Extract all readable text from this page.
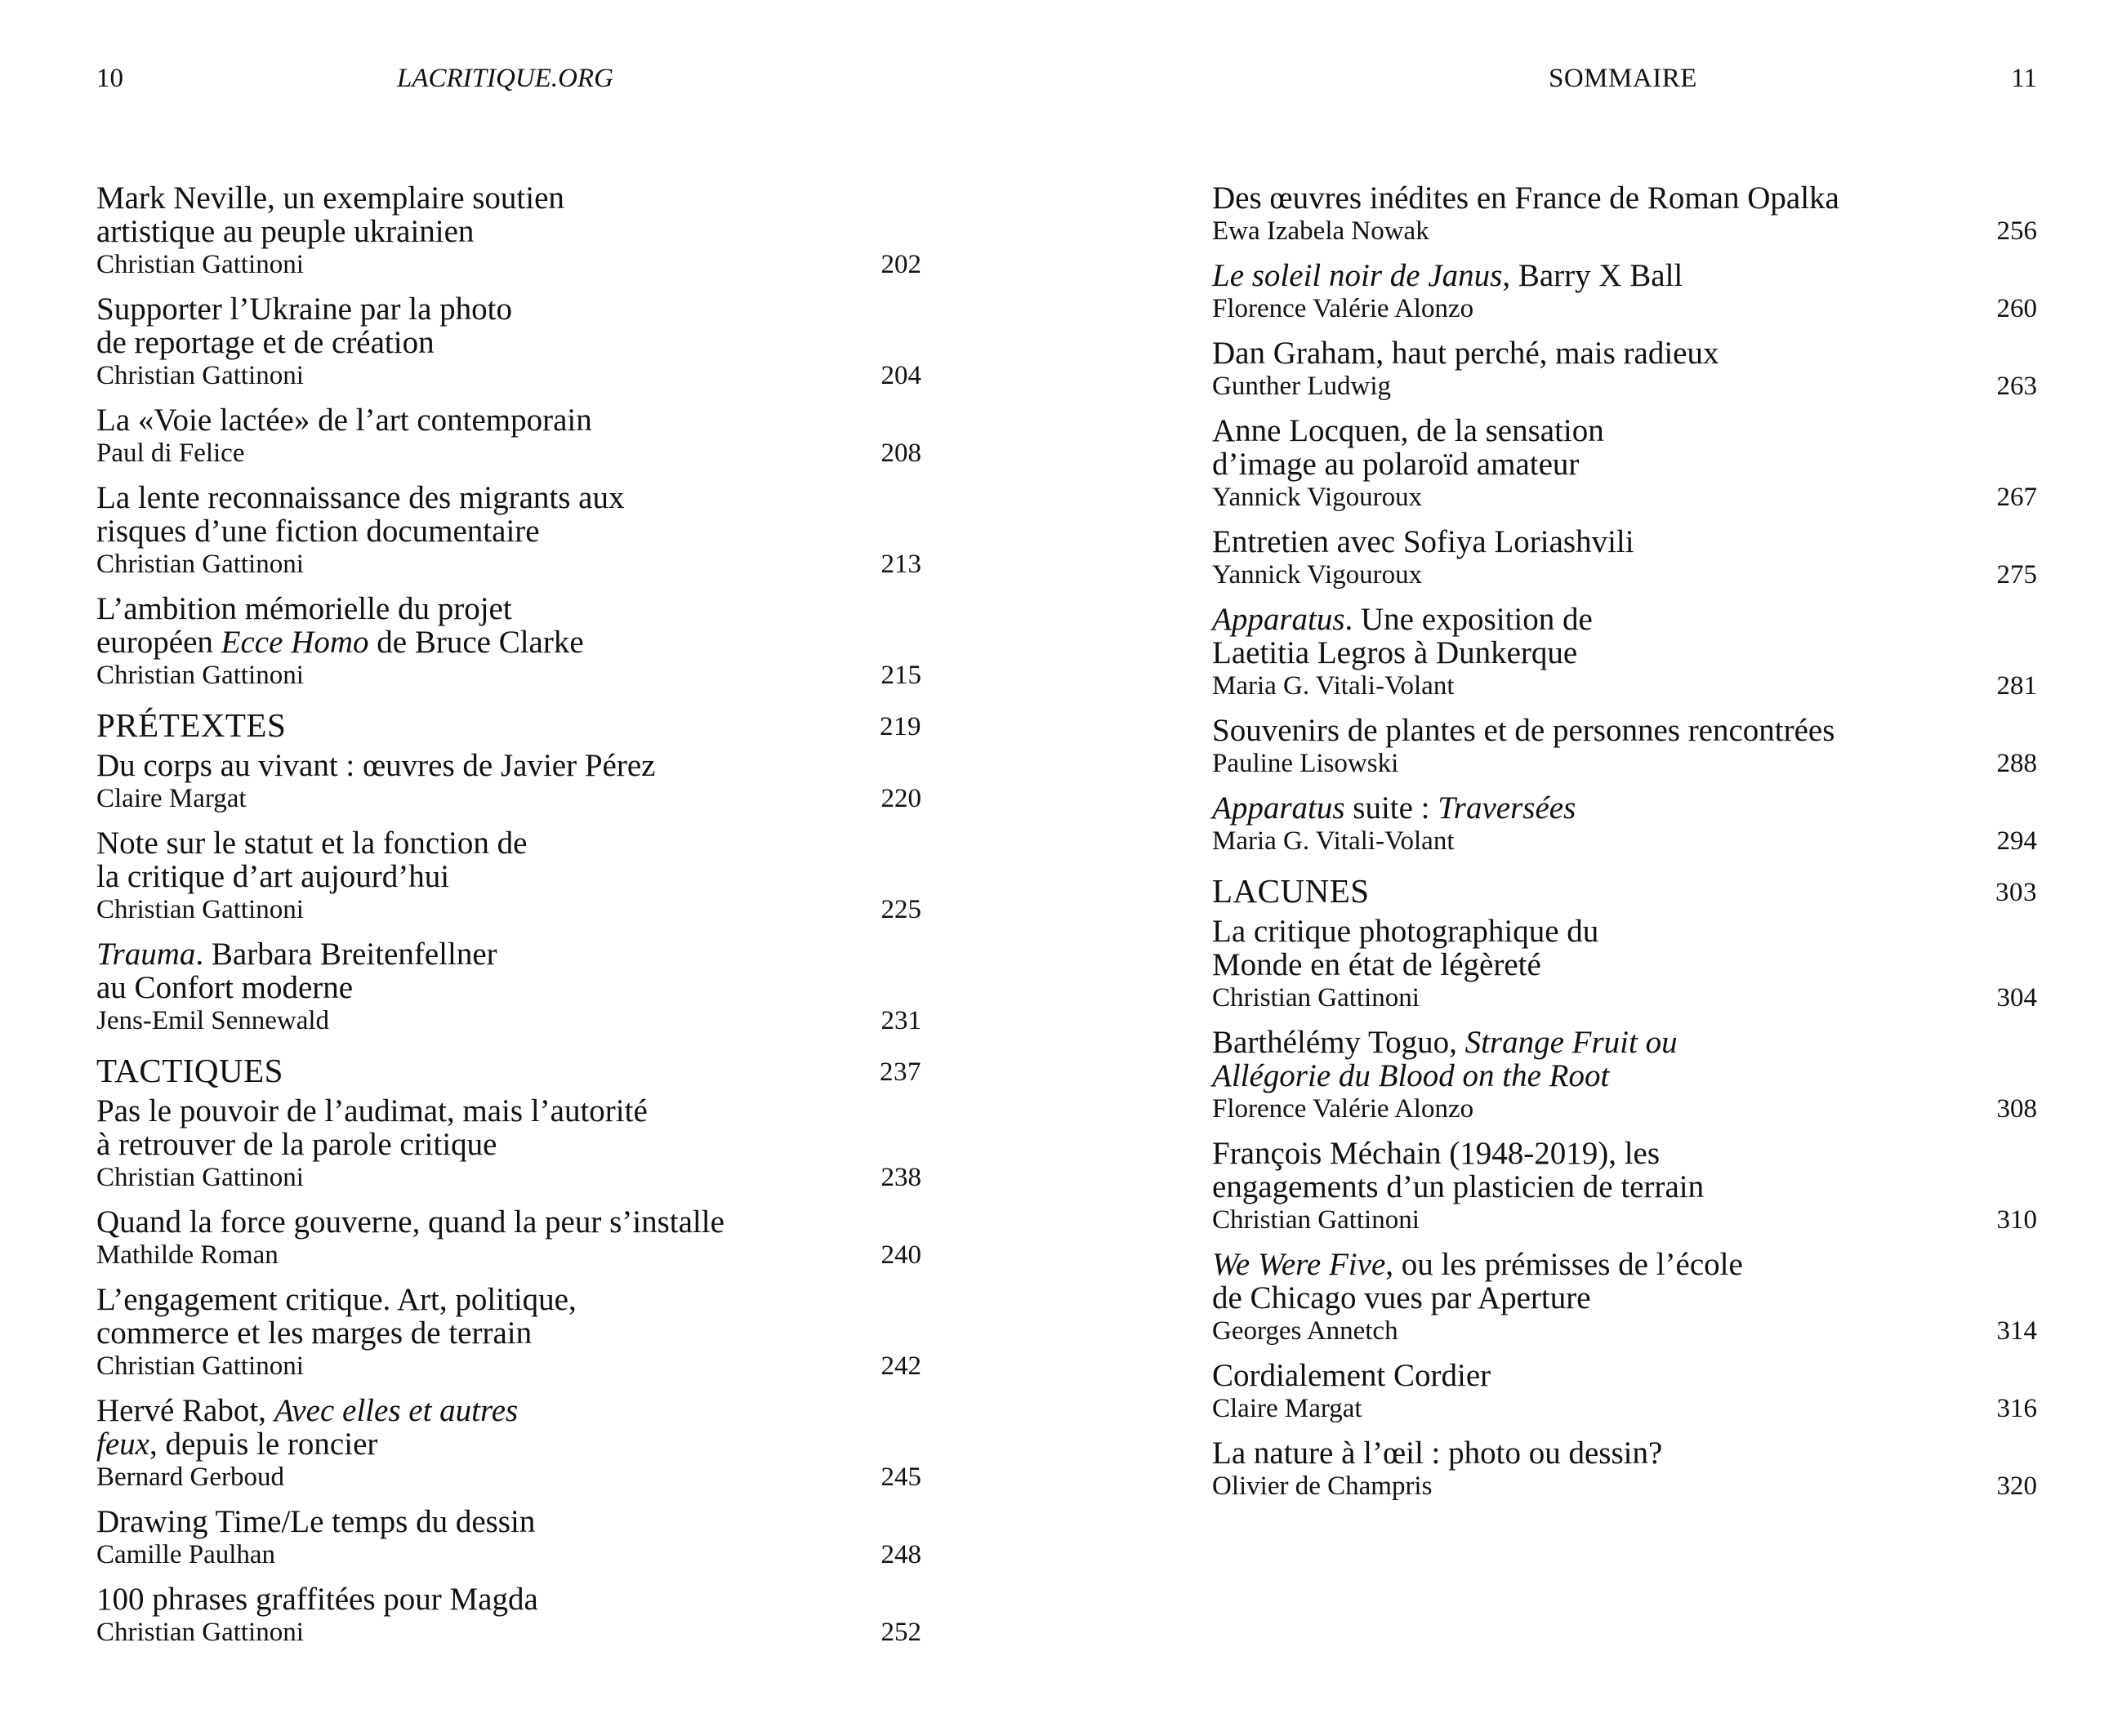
10	LACRITIQUE.ORG
Mark Neville, un exemplaire soutien
artistique au peuple ukrainien
Christian Gattinoni	202
Supporter l’Ukraine par la photo
de reportage et de création
Christian Gattinoni	204
La «Voie lactée» de l’art contemporain
Paul di Felice	208
La lente reconnaissance des migrants aux
risques d’une fiction documentaire
Christian Gattinoni	213
L’ambition mémorielle du projet
européen Ecce Homo de Bruce Clarke
Christian Gattinoni	215
PRÉTEXTES	219
Du corps au vivant : œuvres de Javier Pérez
Claire Margat	220
Note sur le statut et la fonction de
la critique d’art aujourd’hui
Christian Gattinoni	225
Trauma. Barbara Breitenfellner
au Confort moderne
Jens-Emil Sennewald	231
TACTIQUES	237
Pas le pouvoir de l’audimat, mais l’autorité
à retrouver de la parole critique
Christian Gattinoni	238
Quand la force gouverne, quand la peur s’installe
Mathilde Roman	240
L’engagement critique. Art, politique,
commerce et les marges de terrain
Christian Gattinoni	242
Hervé Rabot, Avec elles et autres
feux, depuis le roncier
Bernard Gerboud	245
Drawing Time/Le temps du dessin
Camille Paulhan	248
100 phrases graffitées pour Magda
Christian Gattinoni	252
SOMMAIRE	11
Des œuvres inédites en France de Roman Opalka
Ewa Izabela Nowak	256
Le soleil noir de Janus, Barry X Ball
Florence Valérie Alonzo	260
Dan Graham, haut perché, mais radieux
Gunther Ludwig	263
Anne Locquen, de la sensation
d’image au polaroïd amateur
Yannick Vigouroux	267
Entretien avec Sofiya Loriashvili
Yannick Vigouroux	275
Apparatus. Une exposition de
Laetitia Legros à Dunkerque
Maria G. Vitali-Volant	281
Souvenirs de plantes et de personnes rencontrées
Pauline Lisowski	288
Apparatus suite : Traversées
Maria G. Vitali-Volant	294
LACUNES	303
La critique photographique du
Monde en état de légèreté
Christian Gattinoni	304
Barthélémy Toguo, Strange Fruit ou
Allégorie du Blood on the Root
Florence Valérie Alonzo	308
François Méchain (1948-2019), les
engagements d’un plasticien de terrain
Christian Gattinoni	310
We Were Five, ou les prémisses de l’école
de Chicago vues par Aperture
Georges Annetch	314
Cordialement Cordier
Claire Margat	316
La nature à l’œil : photo ou dessin?
Olivier de Champris	320
